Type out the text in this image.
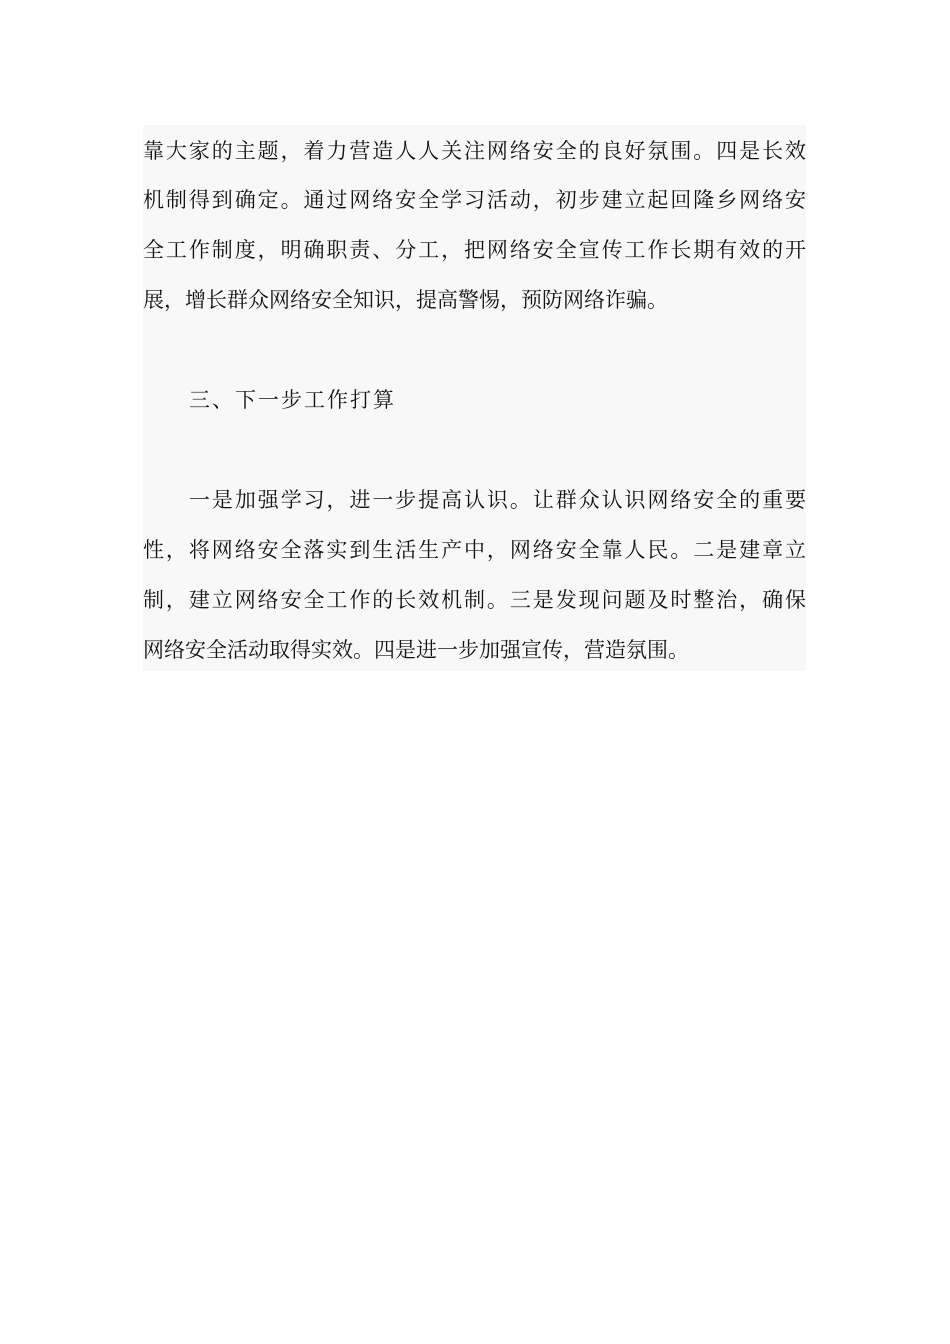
靠大家的主题，着力营造人人关注网络安全的良好氛围。四是长效
机制得到确定。通过网络安全学习活动，初步建立起回隆乡网络安
全工作制度，明确职责、分工，把网络安全宣传工作长期有效的开
展，增长群众网络安全知识，提高警惕，预防网络诈骗。
三、下一步工作打算
一是加强学习，进一步提高认识。让群众认识网络安全的重要
性，将网络安全落实到生活生产中，网络安全靠人民。二是建章立
制，建立网络安全工作的长效机制。三是发现问题及时整治，确保
网络安全活动取得实效。四是进一步加强宣传，营造氛围。
